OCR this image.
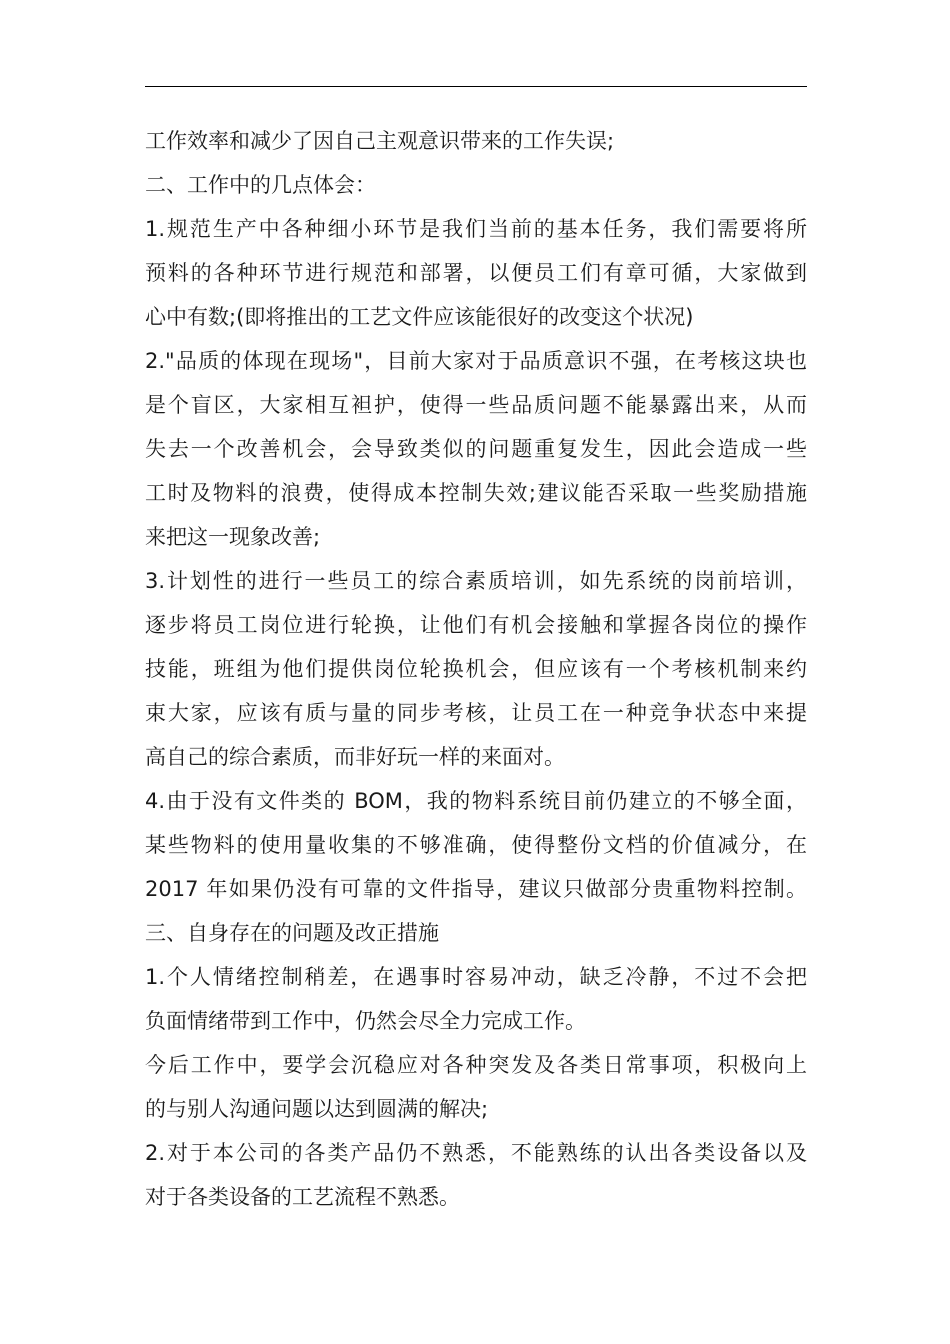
工作效率和减少了因自己主观意识带来的工作失误;
二、工作中的几点体会：
1.规范生产中各种细小环节是我们当前的基本任务，我们需要将所
预料的各种环节进行规范和部署，以便员工们有章可循，大家做到
心中有数;(即将推出的工艺文件应该能很好的改变这个状况)
2."品质的体现在现场"，目前大家对于品质意识不强，在考核这块也
是个盲区，大家相互袒护，使得一些品质问题不能暴露出来，从而
失去一个改善机会，会导致类似的问题重复发生，因此会造成一些
工时及物料的浪费，使得成本控制失效;建议能否采取一些奖励措施
来把这一现象改善;
3.计划性的进行一些员工的综合素质培训，如先系统的岗前培训，
逐步将员工岗位进行轮换，让他们有机会接触和掌握各岗位的操作
技能，班组为他们提供岗位轮换机会，但应该有一个考核机制来约
束大家，应该有质与量的同步考核，让员工在一种竞争状态中来提
高自己的综合素质，而非好玩一样的来面对。
4.由于没有文件类的 BOM，我的物料系统目前仍建立的不够全面，
某些物料的使用量收集的不够准确，使得整份文档的价值减分，在
2017 年如果仍没有可靠的文件指导，建议只做部分贵重物料控制。
三、自身存在的问题及改正措施
1.个人情绪控制稍差，在遇事时容易冲动，缺乏冷静，不过不会把
负面情绪带到工作中，仍然会尽全力完成工作。
今后工作中，要学会沉稳应对各种突发及各类日常事项，积极向上
的与别人沟通问题以达到圆满的解决;
2.对于本公司的各类产品仍不熟悉，不能熟练的认出各类设备以及
对于各类设备的工艺流程不熟悉。
